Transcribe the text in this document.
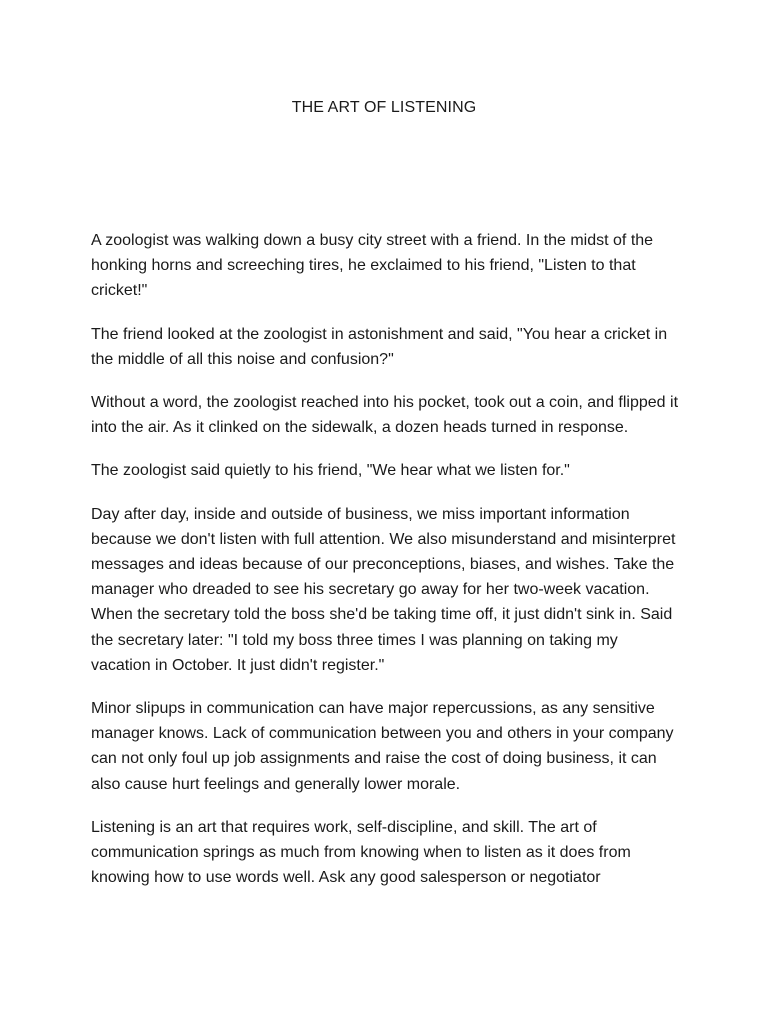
THE ART OF LISTENING

A zoologist was walking down a busy city street with a friend. In the midst of the honking horns and screeching tires, he exclaimed to his friend, "Listen to that cricket!"

The friend looked at the zoologist in astonishment and said, "You hear a cricket in the middle of all this noise and confusion?"

Without a word, the zoologist reached into his pocket, took out a coin, and flipped it into the air. As it clinked on the sidewalk, a dozen heads turned in response.

The zoologist said quietly to his friend, "We hear what we listen for."

Day after day, inside and outside of business, we miss important information because we don't listen with full attention. We also misunderstand and misinterpret messages and ideas because of our preconceptions, biases, and wishes. Take the manager who dreaded to see his secretary go away for her two-week vacation. When the secretary told the boss she'd be taking time off, it just didn't sink in. Said the secretary later: "I told my boss three times I was planning on taking my vacation in October. It just didn't register."

Minor slipups in communication can have major repercussions, as any sensitive manager knows. Lack of communication between you and others in your company can not only foul up job assignments and raise the cost of doing business, it can also cause hurt feelings and generally lower morale.

Listening is an art that requires work, self-discipline, and skill. The art of communication springs as much from knowing when to listen as it does from knowing how to use words well. Ask any good salesperson or negotiator
